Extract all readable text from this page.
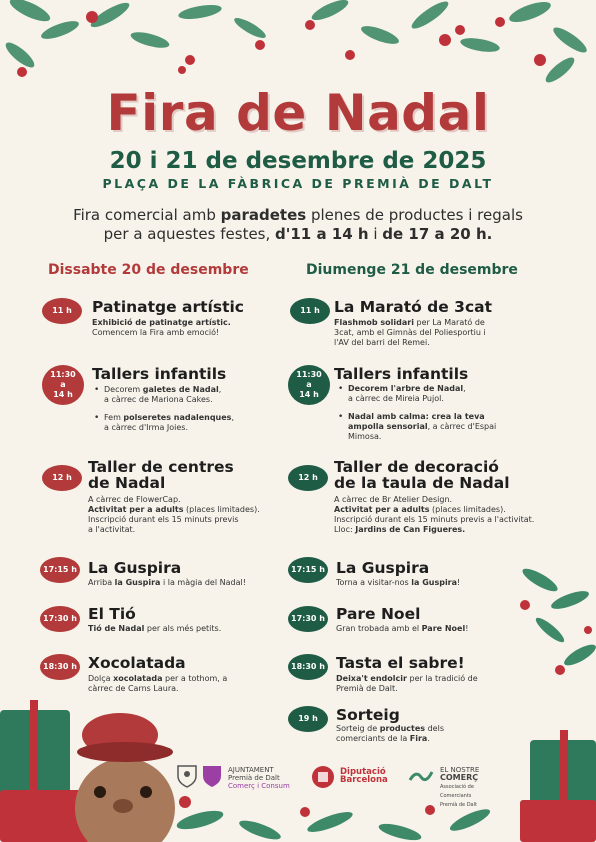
Fira de Nadal
20 i 21 de desembre de 2025
PLAÇA DE LA FÀBRICA DE PREMIÀ DE DALT
Fira comercial amb paradetes plenes de productes i regals per a aquestes festes, d'11 a 14 h i de 17 a 20 h.
Dissabte 20 de desembre	Diumenge 21 de desembre
11 h	Patinatge artístic
Exhibició de patinatge artístic.
Comencem la Fira amb emoció!
11:30
a
14 h
Tallers infantils
• Decorem galetes de Nadal,
a càrrec de Mariona Cakes.
• Fem polseretes nadalenques,
a càrrec d'Irma Joies.
12 h
Taller de centres
de Nadal
A càrrec de FlowerCap.
Activitat per a adults (places limitades).
Inscripció durant els 15 minuts previs
a l'activitat.
17:15 h La Guspira
Arriba la Guspira i la màgia del Nadal!
17:30 h El Tió
Tió de Nadal per als més petits.
18:30 h Xocolatada
Dolça xocolatada per a tothom, a
càrrec de Carns Laura.
11 h La Marató de 3cat
Flashmob solidari per La Marató de
3cat, amb el Gimnàs del Poliesportiu i
l'AV del barri del Remei.
11:30
a
14 h
Tallers infantils
• Decorem l'arbre de Nadal,
a càrrec de Mireia Pujol.
• Nadal amb calma: crea la teva
ampolla sensorial, a càrrec d'Espai
Mimosa.
12 h
Taller de decoració
de la taula de Nadal
A càrrec de Br Atelier Design.
Activitat per a adults (places limitades).
Inscripció durant els 15 minuts previs a l'activitat.
Lloc: Jardins de Can Figueres.
17:15 h La Guspira
Torna a visitar-nos la Guspira!
17:30 h Pare Noel
Gran trobada amb el Pare Noel!
18:30 h Tasta el sabre!
Deixa't endolcir per la tradició de
Premià de Dalt.
19 h	Sorteig
Sorteig de productes dels
comerciants de la Fira.
AJUNTAMENT
Premià de Dalt
Comerç i Consum
Diputació
Barcelona
EL NOSTRE
COMERÇ
Associació de Comerciants
Premià de Dalt
